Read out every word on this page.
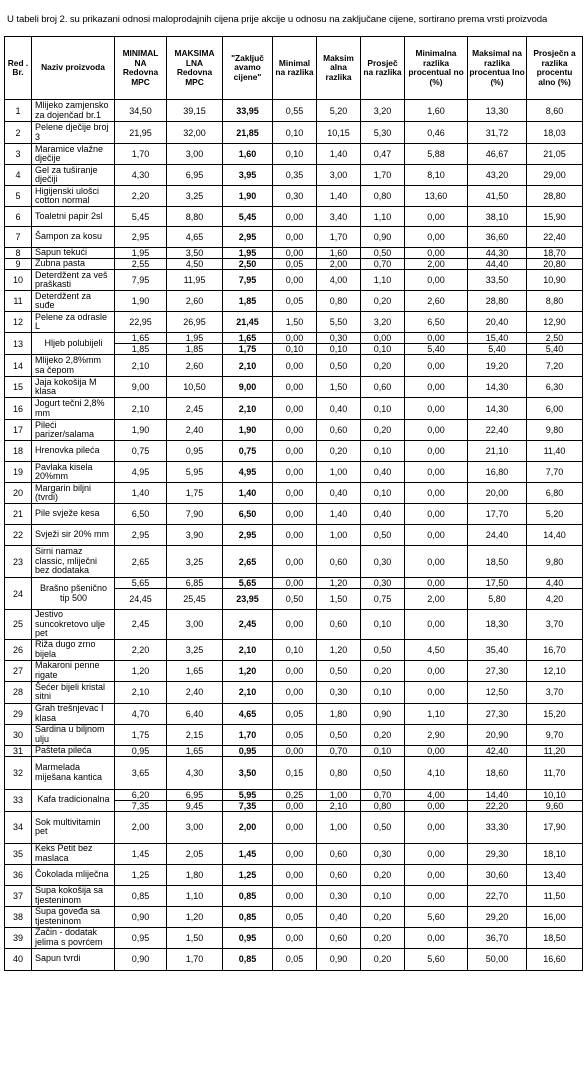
U tabeli broj 2. su prikazani odnosi maloprodajnih cijena prije akcije u odnosu na zaključane cijene, sortirano prema vrsti proizvoda
Red . Br.	Naziv proizvoda	MINIMAL NA Redovna MPC	MAKSIMA LNA Redovna MPC	"Zaključ avamo cijene"	Minimal na razlika	Maksim alna razlika	Prosječ na razlika	Minimalna razlika procentual no (%)	Maksimal na razlika procentua lno (%)	Prosječn a razlika procentu alno (%)
1	Mlijeko zamjensko za dojenčad br.1	34,50	39,15	33,95	0,55	5,20	3,20	1,60	13,30	8,60
2	Pelene dječije broj 3	21,95	32,00	21,85	0,10	10,15	5,30	0,46	31,72	18,03
3	Maramice vlažne dječije	1,70	3,00	1,60	0,10	1,40	0,47	5,88	46,67	21,05
4	Gel za tuširanje dječiji	4,30	6,95	3,95	0,35	3,00	1,70	8,10	43,20	29,00
5	Higijenski ulošci cotton normal	2,20	3,25	1,90	0,30	1,40	0,80	13,60	41,50	28,80
6	Toaletni papir 2sl	5,45	8,80	5,45	0,00	3,40	1,10	0,00	38,10	15,90
7	Šampon za kosu	2,95	4,65	2,95	0,00	1,70	0,90	0,00	36,60	22,40
8	Sapun tekući	1,95	3,50	1,95	0,00	1,60	0,50	0,00	44,30	18,70
9	Zubna pasta	2,55	4,50	2,50	0,05	2,00	0,70	2,00	44,40	20,80
10	Deterdžent za veš praškasti	7,95	11,95	7,95	0,00	4,00	1,10	0,00	33,50	10,90
11	Deterdžent za suđe	1,90	2,60	1,85	0,05	0,80	0,20	2,60	28,80	8,80
12	Pelene za odrasle L	22,95	26,95	21,45	1,50	5,50	3,20	6,50	20,40	12,90
13	Hljeb polubijeli	1,65	1,95	1,65	0,00	0,30	0,00	0,00	15,40	2,50
		1,85	1,85	1,75	0,10	0,10	0,10	5,40	5,40	5,40
14	Mlijeko 2,8%mm sa čepom	2,10	2,60	2,10	0,00	0,50	0,20	0,00	19,20	7,20
15	Jaja kokošija M klasa	9,00	10,50	9,00	0,00	1,50	0,60	0,00	14,30	6,30
16	Jogurt tečni 2,8% mm	2,10	2,45	2,10	0,00	0,40	0,10	0,00	14,30	6,00
17	Pileći parizer/salama	1,90	2,40	1,90	0,00	0,60	0,20	0,00	22,40	9,80
18	Hrenovka pileća	0,75	0,95	0,75	0,00	0,20	0,10	0,00	21,10	11,40
19	Pavlaka kisela 20%mm	4,95	5,95	4,95	0,00	1,00	0,40	0,00	16,80	7,70
20	Margarin biljni (tvrdi)	1,40	1,75	1,40	0,00	0,40	0,10	0,00	20,00	6,80
21	Pile svježe kesa	6,50	7,90	6,50	0,00	1,40	0,40	0,00	17,70	5,20
22	Svježi sir 20% mm	2,95	3,90	2,95	0,00	1,00	0,50	0,00	24,40	14,40
23	Sirni namaz classic, mliječni bez dodataka	2,65	3,25	2,65	0,00	0,60	0,30	0,00	18,50	9,80
24	Brašno pšenično tip 500	5,65	6,85	5,65	0,00	1,20	0,30	0,00	17,50	4,40
		24,45	25,45	23,95	0,50	1,50	0,75	2,00	5,80	4,20
25	Jestivo suncokretovo ulje pet	2,45	3,00	2,45	0,00	0,60	0,10	0,00	18,30	3,70
26	Riža dugo zrno bijela	2,20	3,25	2,10	0,10	1,20	0,50	4,50	35,40	16,70
27	Makaroni penne rigate	1,20	1,65	1,20	0,00	0,50	0,20	0,00	27,30	12,10
28	Šećer bijeli kristal sitni	2,10	2,40	2,10	0,00	0,30	0,10	0,00	12,50	3,70
29	Grah trešnjevac I klasa	4,70	6,40	4,65	0,05	1,80	0,90	1,10	27,30	15,20
30	Sardina u biljnom ulju	1,75	2,15	1,70	0,05	0,50	0,20	2,90	20,90	9,70
31	Pašteta pileća	0,95	1,65	0,95	0,00	0,70	0,10	0,00	42,40	11,20
32	Marmelada miješana kantica	3,65	4,30	3,50	0,15	0,80	0,50	4,10	18,60	11,70
33	Kafa tradicionalna	6,20	6,95	5,95	0,25	1,00	0,70	4,00	14,40	10,10
		7,35	9,45	7,35	0,00	2,10	0,80	0,00	22,20	9,60
34	Sok multivitamin pet	2,00	3,00	2,00	0,00	1,00	0,50	0,00	33,30	17,90
35	Keks Petit bez maslaca	1,45	2,05	1,45	0,00	0,60	0,30	0,00	29,30	18,10
36	Čokolada mliječna	1,25	1,80	1,25	0,00	0,60	0,20	0,00	30,60	13,40
37	Supa kokošija sa tjesteninom	0,85	1,10	0,85	0,00	0,30	0,10	0,00	22,70	11,50
38	Supa goveđa sa tjesteninom	0,90	1,20	0,85	0,05	0,40	0,20	5,60	29,20	16,00
39	Začin - dodatak jelima s povrćem	0,95	1,50	0,95	0,00	0,60	0,20	0,00	36,70	18,50
40	Sapun tvrdi	0,90	1,70	0,85	0,05	0,90	0,20	5,60	50,00	16,60
